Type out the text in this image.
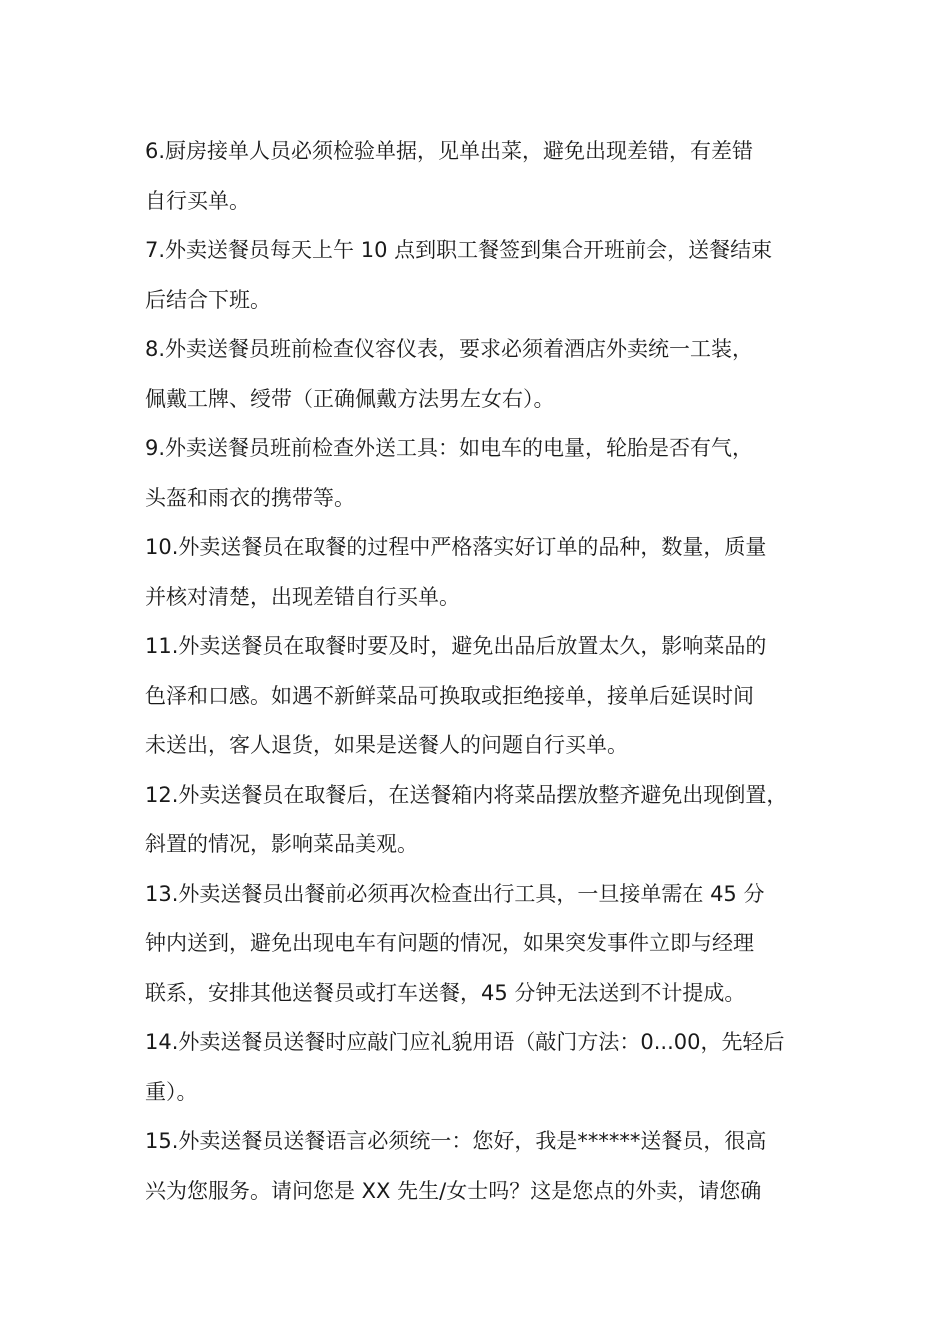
6.厨房接单人员必须检验单据，见单出菜，避免出现差错，有差错
自行买单。

7.外卖送餐员每天上午 10 点到职工餐签到集合开班前会，送餐结束
后结合下班。

8.外卖送餐员班前检查仪容仪表，要求必须着酒店外卖统一工装，
佩戴工牌、绶带（正确佩戴方法男左女右）。

9.外卖送餐员班前检查外送工具：如电车的电量，轮胎是否有气，
头盔和雨衣的携带等。

10.外卖送餐员在取餐的过程中严格落实好订单的品种，数量，质量
并核对清楚，出现差错自行买单。

11.外卖送餐员在取餐时要及时，避免出品后放置太久，影响菜品的
色泽和口感。如遇不新鲜菜品可换取或拒绝接单，接单后延误时间
未送出，客人退货，如果是送餐人的问题自行买单。

12.外卖送餐员在取餐后，在送餐箱内将菜品摆放整齐避免出现倒置，
斜置的情况，影响菜品美观。

13.外卖送餐员出餐前必须再次检查出行工具，一旦接单需在 45 分
钟内送到，避免出现电车有问题的情况，如果突发事件立即与经理
联系，安排其他送餐员或打车送餐，45 分钟无法送到不计提成。

14.外卖送餐员送餐时应敲门应礼貌用语（敲门方法：0...00，先轻后
重）。

15.外卖送餐员送餐语言必须统一：您好，我是******送餐员，很高
兴为您服务。请问您是 XX 先生/女士吗？这是您点的外卖，请您确
